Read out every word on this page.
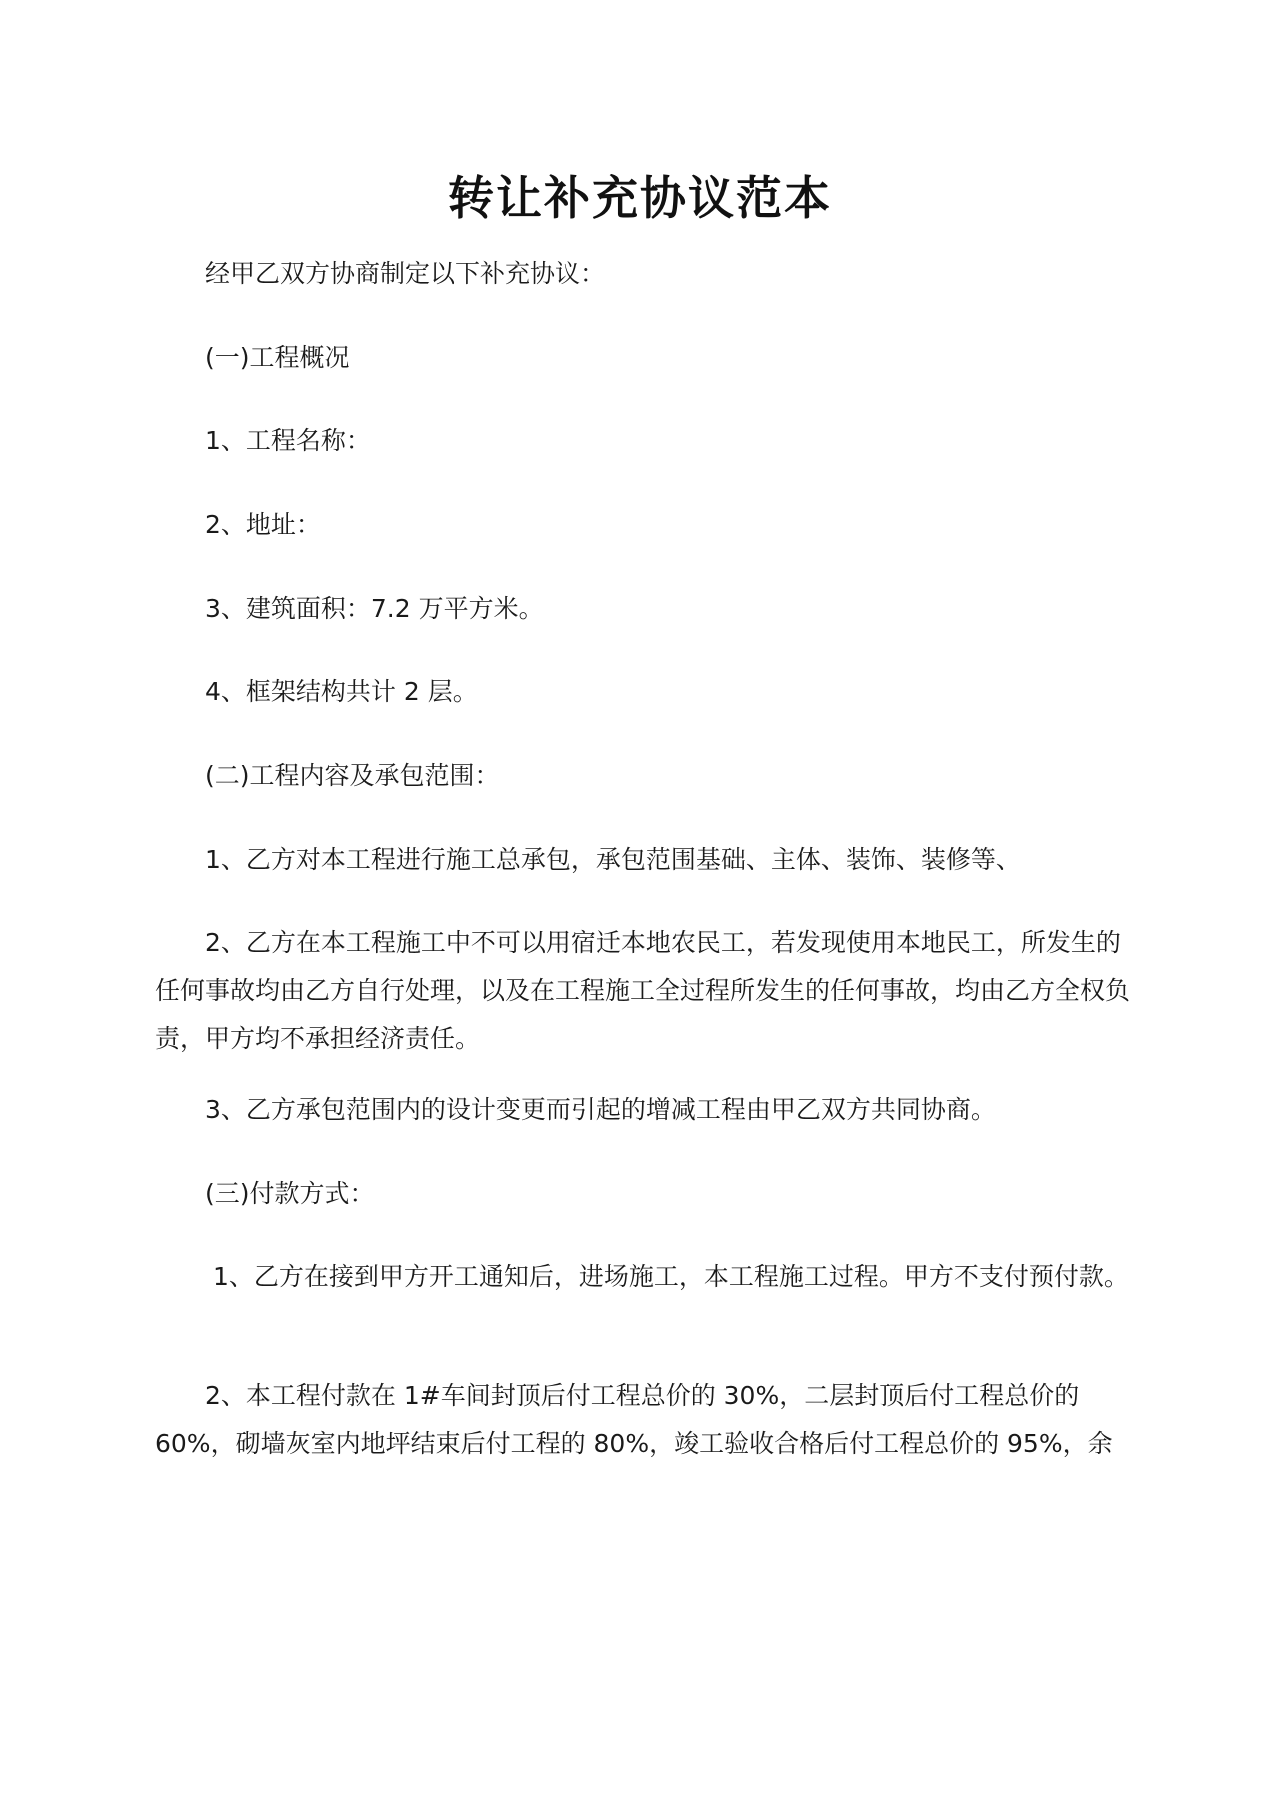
转让补充协议范本

经甲乙双方协商制定以下补充协议：

(一)工程概况

1、工程名称：

2、地址：

3、建筑面积：7.2 万平方米。

4、框架结构共计 2 层。

(二)工程内容及承包范围：

1、乙方对本工程进行施工总承包，承包范围基础、主体、装饰、装修等、

2、乙方在本工程施工中不可以用宿迁本地农民工，若发现使用本地民工，所发生的任何事故均由乙方自行处理，以及在工程施工全过程所发生的任何事故，均由乙方全权负责，甲方均不承担经济责任。

3、乙方承包范围内的设计变更而引起的增减工程由甲乙双方共同协商。

(三)付款方式：

1、乙方在接到甲方开工通知后，进场施工，本工程施工过程。甲方不支付预付款。

2、本工程付款在 1#车间封顶后付工程总价的 30%，二层封顶后付工程总价的 60%，砌墙灰室内地坪结束后付工程的 80%，竣工验收合格后付工程总价的 95%，余
